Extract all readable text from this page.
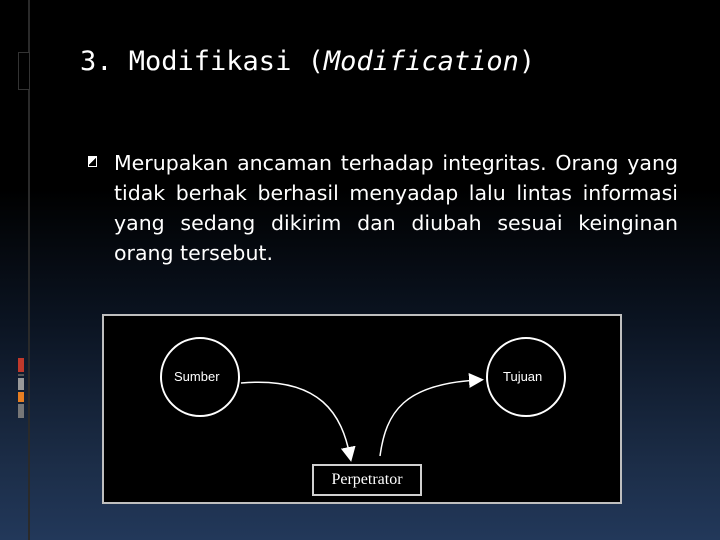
3. Modifikasi (Modification)

Merupakan ancaman terhadap integritas. Orang yang tidak berhak berhasil menyadap lalu lintas informasi yang sedang dikirim dan diubah sesuai keinginan orang tersebut.

Sumber	Tujuan
Perpetrator
